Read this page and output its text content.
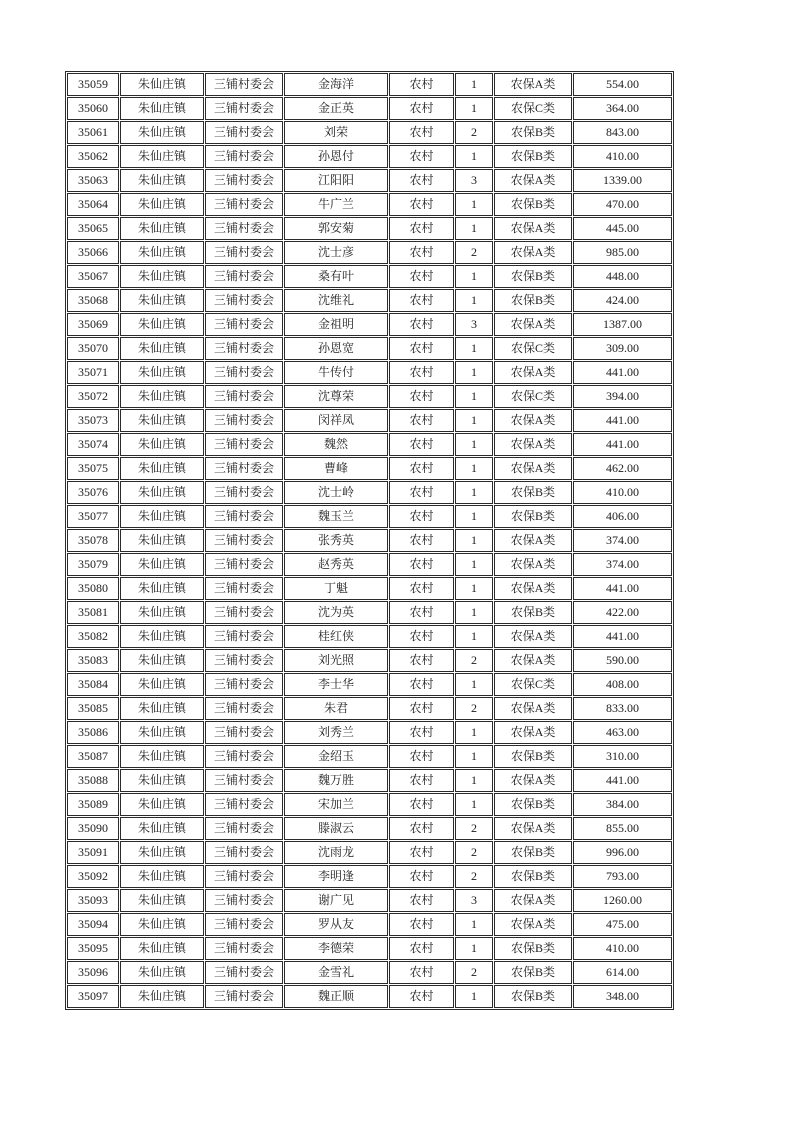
35059	朱仙庄镇	三铺村委会	金海洋	农村	1	农保A类	554.00
35060	朱仙庄镇	三铺村委会	金正英	农村	1	农保C类	364.00
35061	朱仙庄镇	三铺村委会	刘荣	农村	2	农保B类	843.00
35062	朱仙庄镇	三铺村委会	孙恩付	农村	1	农保B类	410.00
35063	朱仙庄镇	三铺村委会	江阳阳	农村	3	农保A类	1339.00
35064	朱仙庄镇	三铺村委会	牛广兰	农村	1	农保B类	470.00
35065	朱仙庄镇	三铺村委会	郭安菊	农村	1	农保A类	445.00
35066	朱仙庄镇	三铺村委会	沈士彦	农村	2	农保A类	985.00
35067	朱仙庄镇	三铺村委会	桑有叶	农村	1	农保B类	448.00
35068	朱仙庄镇	三铺村委会	沈维礼	农村	1	农保B类	424.00
35069	朱仙庄镇	三铺村委会	金祖明	农村	3	农保A类	1387.00
35070	朱仙庄镇	三铺村委会	孙恩宽	农村	1	农保C类	309.00
35071	朱仙庄镇	三铺村委会	牛传付	农村	1	农保A类	441.00
35072	朱仙庄镇	三铺村委会	沈尊荣	农村	1	农保C类	394.00
35073	朱仙庄镇	三铺村委会	闵祥凤	农村	1	农保A类	441.00
35074	朱仙庄镇	三铺村委会	魏然	农村	1	农保A类	441.00
35075	朱仙庄镇	三铺村委会	曹峰	农村	1	农保A类	462.00
35076	朱仙庄镇	三铺村委会	沈士岭	农村	1	农保B类	410.00
35077	朱仙庄镇	三铺村委会	魏玉兰	农村	1	农保B类	406.00
35078	朱仙庄镇	三铺村委会	张秀英	农村	1	农保A类	374.00
35079	朱仙庄镇	三铺村委会	赵秀英	农村	1	农保A类	374.00
35080	朱仙庄镇	三铺村委会	丁魁	农村	1	农保A类	441.00
35081	朱仙庄镇	三铺村委会	沈为英	农村	1	农保B类	422.00
35082	朱仙庄镇	三铺村委会	桂红侠	农村	1	农保A类	441.00
35083	朱仙庄镇	三铺村委会	刘光照	农村	2	农保A类	590.00
35084	朱仙庄镇	三铺村委会	李士华	农村	1	农保C类	408.00
35085	朱仙庄镇	三铺村委会	朱君	农村	2	农保A类	833.00
35086	朱仙庄镇	三铺村委会	刘秀兰	农村	1	农保A类	463.00
35087	朱仙庄镇	三铺村委会	金绍玉	农村	1	农保B类	310.00
35088	朱仙庄镇	三铺村委会	魏万胜	农村	1	农保A类	441.00
35089	朱仙庄镇	三铺村委会	宋加兰	农村	1	农保B类	384.00
35090	朱仙庄镇	三铺村委会	滕淑云	农村	2	农保A类	855.00
35091	朱仙庄镇	三铺村委会	沈雨龙	农村	2	农保B类	996.00
35092	朱仙庄镇	三铺村委会	李明逢	农村	2	农保B类	793.00
35093	朱仙庄镇	三铺村委会	谢广见	农村	3	农保A类	1260.00
35094	朱仙庄镇	三铺村委会	罗从友	农村	1	农保A类	475.00
35095	朱仙庄镇	三铺村委会	李德荣	农村	1	农保B类	410.00
35096	朱仙庄镇	三铺村委会	金雪礼	农村	2	农保B类	614.00
35097	朱仙庄镇	三铺村委会	魏正顺	农村	1	农保B类	348.00
